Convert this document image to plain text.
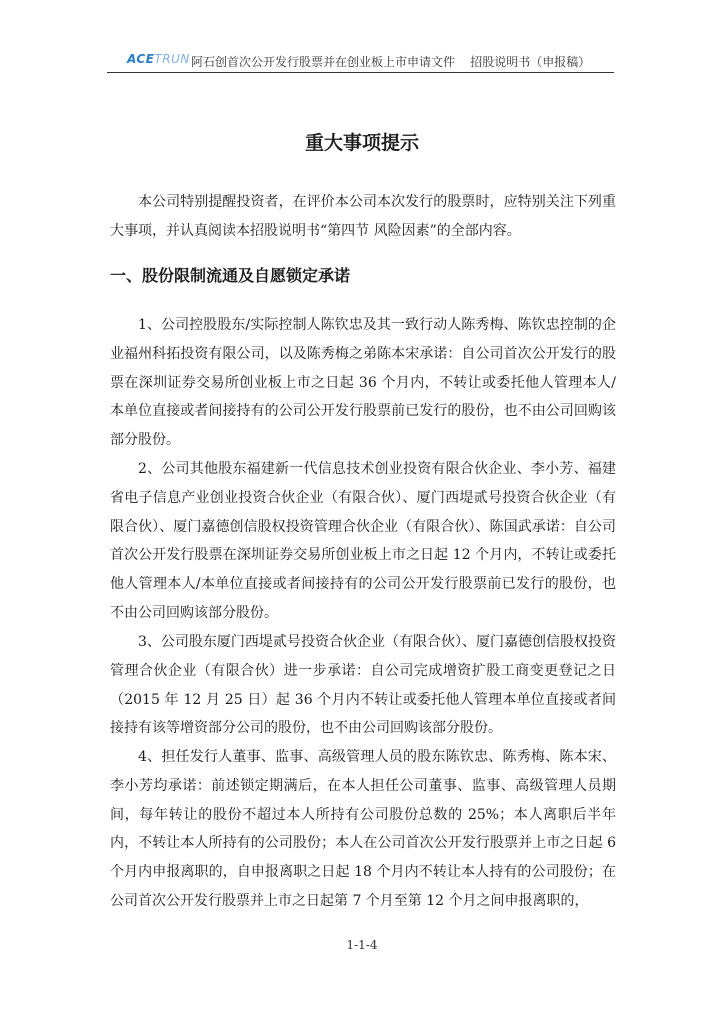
ACETRUN 阿石创首次公开发行股票并在创业板上市申请文件    招股说明书（申报稿）
重大事项提示
本公司特别提醒投资者，在评价本公司本次发行的股票时，应特别关注下列重大事项，并认真阅读本招股说明书“第四节 风险因素”的全部内容。
一、股份限制流通及自愿锁定承诺
1、公司控股股东/实际控制人陈钦忠及其一致行动人陈秀梅、陈钦忠控制的企业福州科拓投资有限公司，以及陈秀梅之弟陈本宋承诺：自公司首次公开发行的股票在深圳证券交易所创业板上市之日起 36 个月内，不转让或委托他人管理本人/本单位直接或者间接持有的公司公开发行股票前已发行的股份，也不由公司回购该部分股份。
2、公司其他股东福建新一代信息技术创业投资有限合伙企业、李小芳、福建省电子信息产业创业投资合伙企业（有限合伙）、厦门西堤贰号投资合伙企业（有限合伙）、厦门嘉德创信股权投资管理合伙企业（有限合伙）、陈国武承诺：自公司首次公开发行股票在深圳证券交易所创业板上市之日起 12 个月内，不转让或委托他人管理本人/本单位直接或者间接持有的公司公开发行股票前已发行的股份，也不由公司回购该部分股份。
3、公司股东厦门西堤贰号投资合伙企业（有限合伙）、厦门嘉德创信股权投资管理合伙企业（有限合伙）进一步承诺：自公司完成增资扩股工商变更登记之日（2015 年 12 月 25 日）起 36 个月内不转让或委托他人管理本单位直接或者间接持有该等增资部分公司的股份，也不由公司回购该部分股份。
4、担任发行人董事、监事、高级管理人员的股东陈钦忠、陈秀梅、陈本宋、李小芳均承诺：前述锁定期满后，在本人担任公司董事、监事、高级管理人员期间，每年转让的股份不超过本人所持有公司股份总数的 25%；本人离职后半年内，不转让本人所持有的公司股份；本人在公司首次公开发行股票并上市之日起 6 个月内申报离职的，自申报离职之日起 18 个月内不转让本人持有的公司股份；在公司首次公开发行股票并上市之日起第 7 个月至第 12 个月之间申报离职的，
1-1-4
